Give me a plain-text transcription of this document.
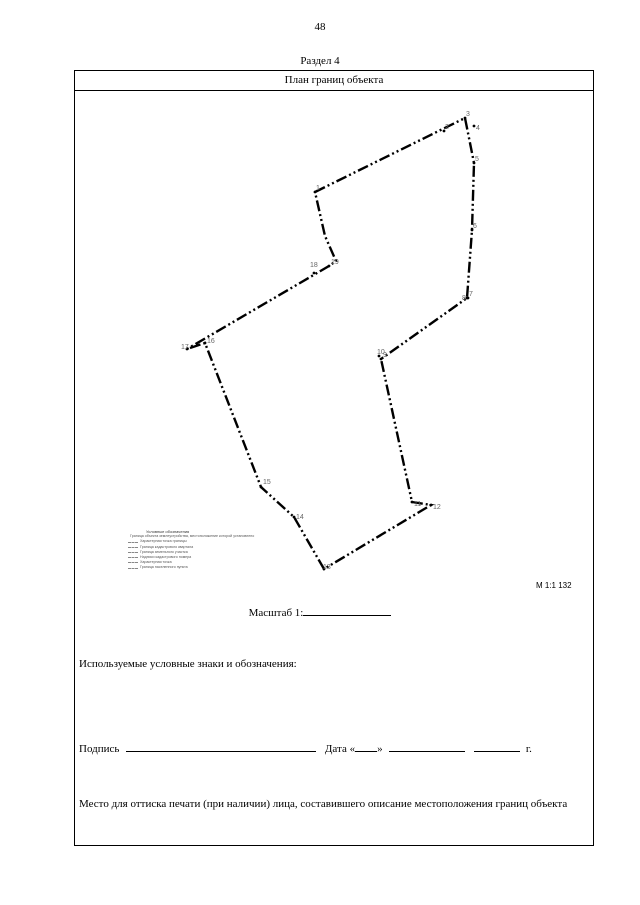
48
Раздел 4
План границ объекта
1
2
3
4
5
6
7
8
9
10
11 12
13
14
15
16
17
18 19
Условные обозначения
Граница объекта землеустройства, местоположение которой установлено
Характерная точка границы
Граница кадастрового квартала
Граница земельного участка
Надписи кадастрового номера
Характерная точка
Граница населенного пункта
М 1:1 132
Масштаб 1:
Используемые условные знаки и обозначения:
Подпись	Дата « »	г.
Место для оттиска печати (при наличии) лица, составившего описание местоположения границ объекта
